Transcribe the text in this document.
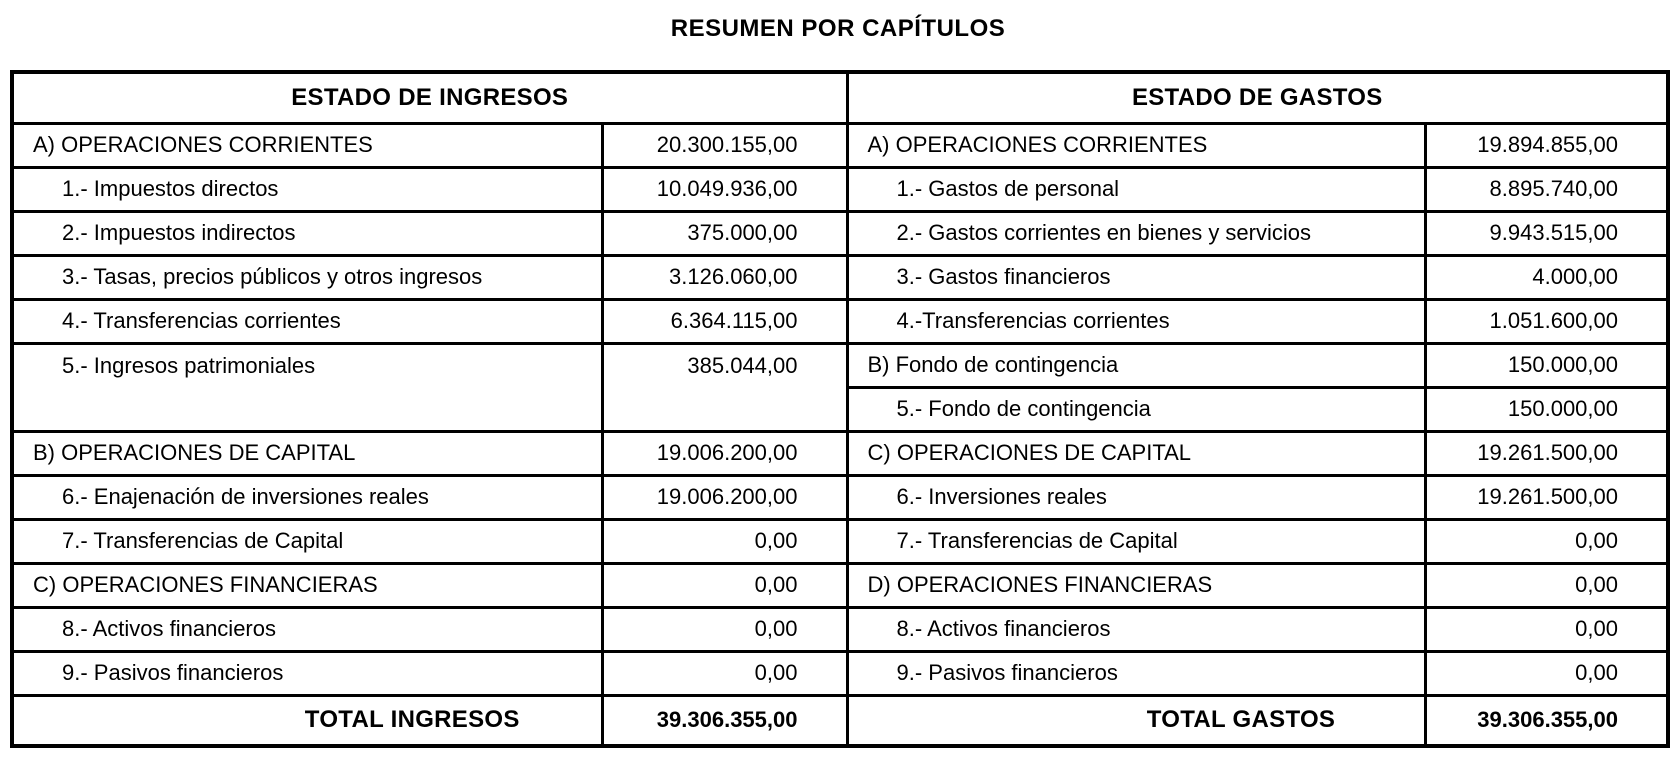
RESUMEN POR CAPÍTULOS
ESTADO DE INGRESOS		ESTADO DE GASTOS	
A) OPERACIONES CORRIENTES	20.300.155,00	A) OPERACIONES CORRIENTES	19.894.855,00
1.- Impuestos directos	10.049.936,00	1.- Gastos de personal	8.895.740,00
2.- Impuestos indirectos	375.000,00	2.- Gastos corrientes en bienes y servicios	9.943.515,00
3.- Tasas, precios públicos y otros ingresos	3.126.060,00	3.- Gastos financieros	4.000,00
4.- Transferencias corrientes	6.364.115,00	4.-Transferencias corrientes	1.051.600,00
5.- Ingresos patrimoniales	385.044,00	B) Fondo de contingencia	150.000,00
		5.- Fondo de contingencia	150.000,00
B) OPERACIONES DE CAPITAL	19.006.200,00	C) OPERACIONES DE CAPITAL	19.261.500,00
6.- Enajenación de inversiones reales	19.006.200,00	6.- Inversiones reales	19.261.500,00
7.- Transferencias de Capital	0,00	7.- Transferencias de Capital	0,00
C) OPERACIONES FINANCIERAS	0,00	D) OPERACIONES FINANCIERAS	0,00
8.- Activos financieros	0,00	8.- Activos financieros	0,00
9.- Pasivos financieros	0,00	9.- Pasivos financieros	0,00
TOTAL INGRESOS	39.306.355,00	TOTAL GASTOS	39.306.355,00
